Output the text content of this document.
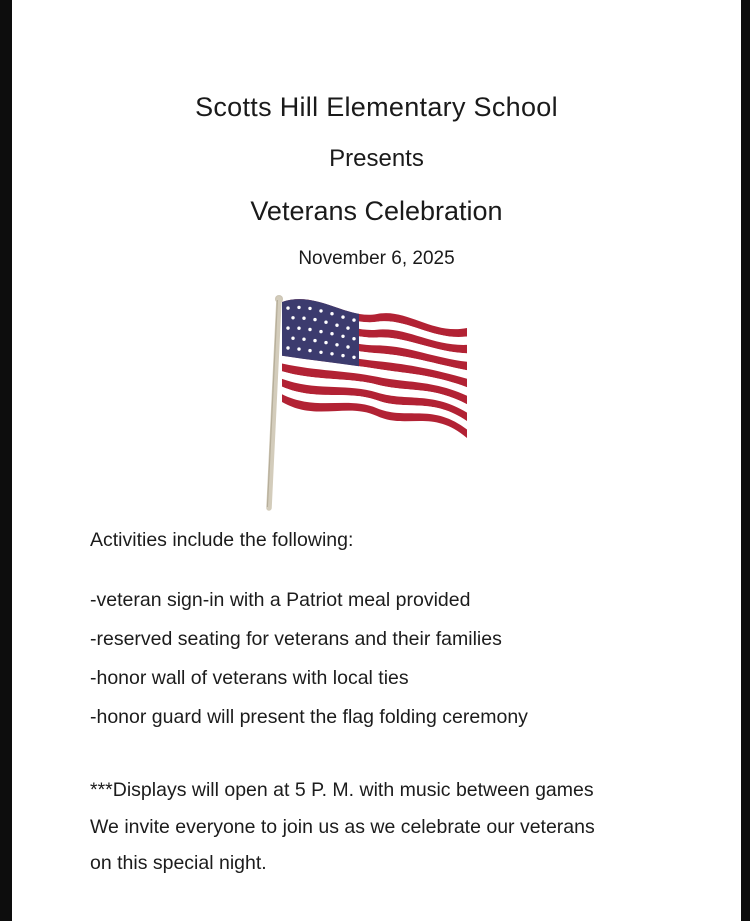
Scotts Hill Elementary School
Presents
Veterans Celebration
November 6, 2025
Activities include the following:

-veteran sign-in with a Patriot meal provided

-reserved seating for veterans and their families

-honor wall of veterans with local ties

-honor guard will present the flag folding ceremony

***Displays will open at 5 P. M. with music between games

We invite everyone to join us as we celebrate our veterans

on this special night.
